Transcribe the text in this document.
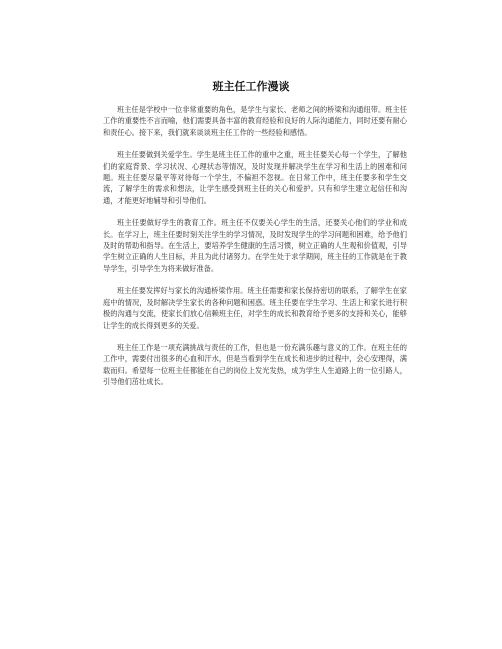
班主任工作漫谈

班主任是学校中一位非常重要的角色，是学生与家长、老师之间的桥梁和沟通纽带。班主任工作的重要性不言而喻，他们需要具备丰富的教育经验和良好的人际沟通能力，同时还要有耐心和责任心。接下来，我们就来谈谈班主任工作的一些经验和感悟。

班主任要做到关爱学生。学生是班主任工作的重中之重，班主任要关心每一个学生，了解他们的家庭背景、学习状况、心理状态等情况，及时发现并解决学生在学习和生活上的困难和问题。班主任要尽量平等对待每一个学生，不偏袒不忽视。在日常工作中，班主任要多和学生交流，了解学生的需求和想法，让学生感受到班主任的关心和爱护。只有和学生建立起信任和沟通，才能更好地辅导和引导他们。

班主任要做好学生的教育工作。班主任不仅要关心学生的生活，还要关心他们的学业和成长。在学习上，班主任要时刻关注学生的学习情况，及时发现学生的学习问题和困难，给予他们及时的帮助和指导。在生活上，要培养学生健康的生活习惯，树立正确的人生观和价值观，引导学生树立正确的人生目标，并且为此付诸努力。在学生处于求学期间，班主任的工作就是在于教导学生，引导学生为将来做好准备。

班主任要发挥好与家长的沟通桥梁作用。班主任需要和家长保持密切的联系，了解学生在家庭中的情况，及时解决学生家长的各种问题和困惑。班主任要在学生学习、生活上和家长进行积极的沟通与交流，使家长们放心信赖班主任，对学生的成长和教育给予更多的支持和关心，能够让学生的成长得到更多的关爱。

班主任工作是一项充满挑战与责任的工作，但也是一份充满乐趣与意义的工作。在班主任的工作中，需要付出很多的心血和汗水，但是当看到学生在成长和进步的过程中，会心安理得，满载而归。希望每一位班主任都能在自己的岗位上发光发热，成为学生人生道路上的一位引路人，引导他们茁壮成长。
